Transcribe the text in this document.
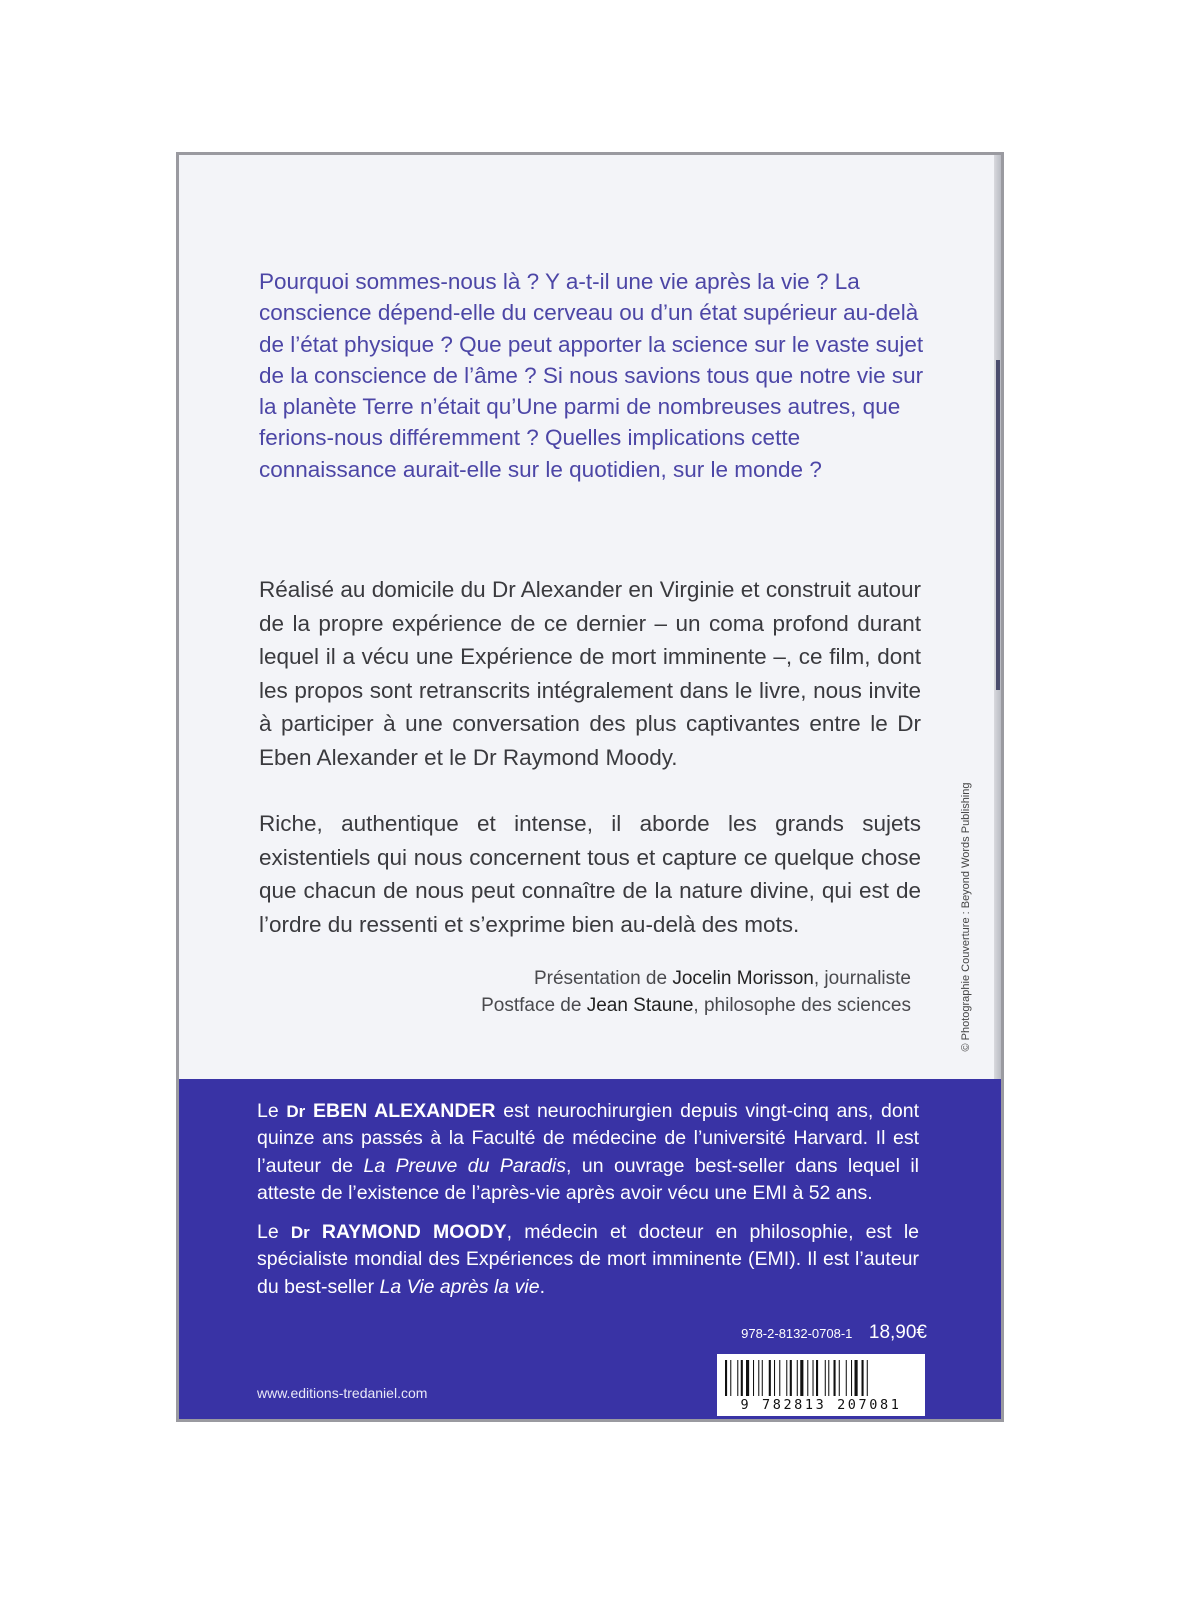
Pourquoi sommes-nous là ? Y a-t-il une vie après la vie ? La conscience dépend-elle du cerveau ou d’un état supérieur au-delà de l’état physique ? Que peut apporter la science sur le vaste sujet de la conscience de l’âme ? Si nous savions tous que notre vie sur la planète Terre n’était qu’Une parmi de nombreuses autres, que ferions-nous différemment ? Quelles implications cette connaissance aurait-elle sur le quotidien, sur le monde ?

Réalisé au domicile du Dr Alexander en Virginie et construit autour de la propre expérience de ce dernier – un coma profond durant lequel il a vécu une Expérience de mort imminente –, ce film, dont les propos sont retranscrits intégralement dans le livre, nous invite à participer à une conversation des plus captivantes entre le Dr Eben Alexander et le Dr Raymond Moody.

Riche, authentique et intense, il aborde les grands sujets existentiels qui nous concernent tous et capture ce quelque chose que chacun de nous peut connaître de la nature divine, qui est de l’ordre du ressenti et s’exprime bien au-delà des mots.

Présentation de Jocelin Morisson, journaliste
Postface de Jean Staune, philosophe des sciences	© Photographie Couverture : Beyond Words Publishing

Le Dr EBEN ALEXANDER est neurochirurgien depuis vingt-cinq ans, dont quinze ans passés à la Faculté de médecine de l’université Harvard. Il est l’auteur de La Preuve du Paradis, un ouvrage best-seller dans lequel il atteste de l’existence de l’après-vie après avoir vécu une EMI à 52 ans.

Le Dr RAYMOND MOODY, médecin et docteur en philosophie, est le spécialiste mondial des Expériences de mort imminente (EMI). Il est l’auteur du best-seller La Vie après la vie.

978-2-8132-0708-1 18,90€
9 782813 207081
www.editions-tredaniel.com
